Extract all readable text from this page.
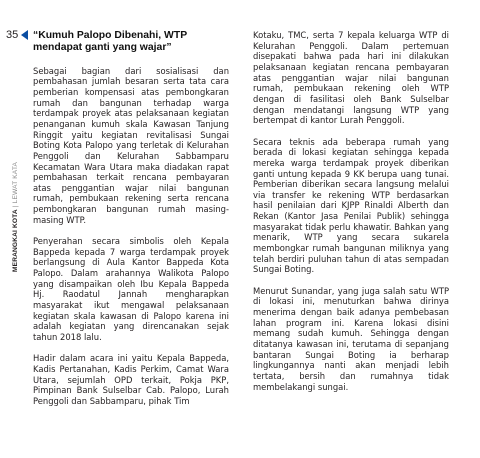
35
MERANGKAI KOTA | LEWAT KATA
“Kumuh Palopo Dibenahi, WTP
mendapat ganti yang wajar”

Sebagai bagian dari sosialisasi dan pembahasan jumlah besaran serta tata cara pemberian kompensasi atas pembongkaran rumah dan bangunan terhadap warga terdampak proyek atas pelaksanaan kegiatan penanganan kumuh skala Kawasan Tanjung Ringgit yaitu kegiatan revitalisasi Sungai Boting Kota Palopo yang terletak di Kelurahan Penggoli dan Kelurahan Sabbamparu Kecamatan Wara Utara maka diadakan rapat pembahasan terkait rencana pembayaran atas penggantian wajar nilai bangunan rumah, pembukaan rekening serta rencana pembongkaran bangunan rumah masing-masing WTP.

Penyerahan secara simbolis oleh Kepala Bappeda kepada 7 warga terdampak proyek berlangsung di Aula Kantor Bappeda Kota Palopo. Dalam arahannya Walikota Palopo yang disampaikan oleh Ibu Kepala Bappeda Hj. Raodatul Jannah mengharapkan masyarakat ikut mengawal pelaksanaan kegiatan skala kawasan di Palopo karena ini adalah kegiatan yang direncanakan sejak tahun 2018 lalu.

Hadir dalam acara ini yaitu Kepala Bappeda, Kadis Pertanahan, Kadis Perkim, Camat Wara Utara, sejumlah OPD terkait, Pokja PKP, Pimpinan Bank Sulselbar Cab. Palopo, Lurah Penggoli dan Sabbamparu, pihak Tim

Kotaku, TMC, serta 7 kepala keluarga WTP di Kelurahan Penggoli. Dalam pertemuan disepakati bahwa pada hari ini dilakukan pelaksanaan kegiatan rencana pembayaran atas penggantian wajar nilai bangunan rumah, pembukaan rekening oleh WTP dengan di fasilitasi oleh Bank Sulselbar dengan mendatangi langsung WTP yang bertempat di kantor Lurah Penggoli.

Secara teknis ada beberapa rumah yang berada di lokasi kegiatan sehingga kepada mereka warga terdampak proyek diberikan ganti untung kepada 9 KK berupa uang tunai. Pemberian diberikan secara langsung melalui via transfer ke rekening WTP berdasarkan hasil penilaian dari KJPP Rinaldi Alberth dan Rekan (Kantor Jasa Penilai Publik) sehingga masyarakat tidak perlu khawatir. Bahkan yang menarik, WTP yang secara sukarela membongkar rumah bangunan miliknya yang telah berdiri puluhan tahun di atas sempadan Sungai Boting.

Menurut Sunandar, yang juga salah satu WTP di lokasi ini, menuturkan bahwa dirinya menerima dengan baik adanya pembebasan lahan program ini. Karena lokasi disini memang sudah kumuh. Sehingga dengan ditatanya kawasan ini, terutama di sepanjang bantaran Sungai Boting ia berharap lingkungannya nanti akan menjadi lebih tertata, bersih dan rumahnya tidak membelakangi sungai.
